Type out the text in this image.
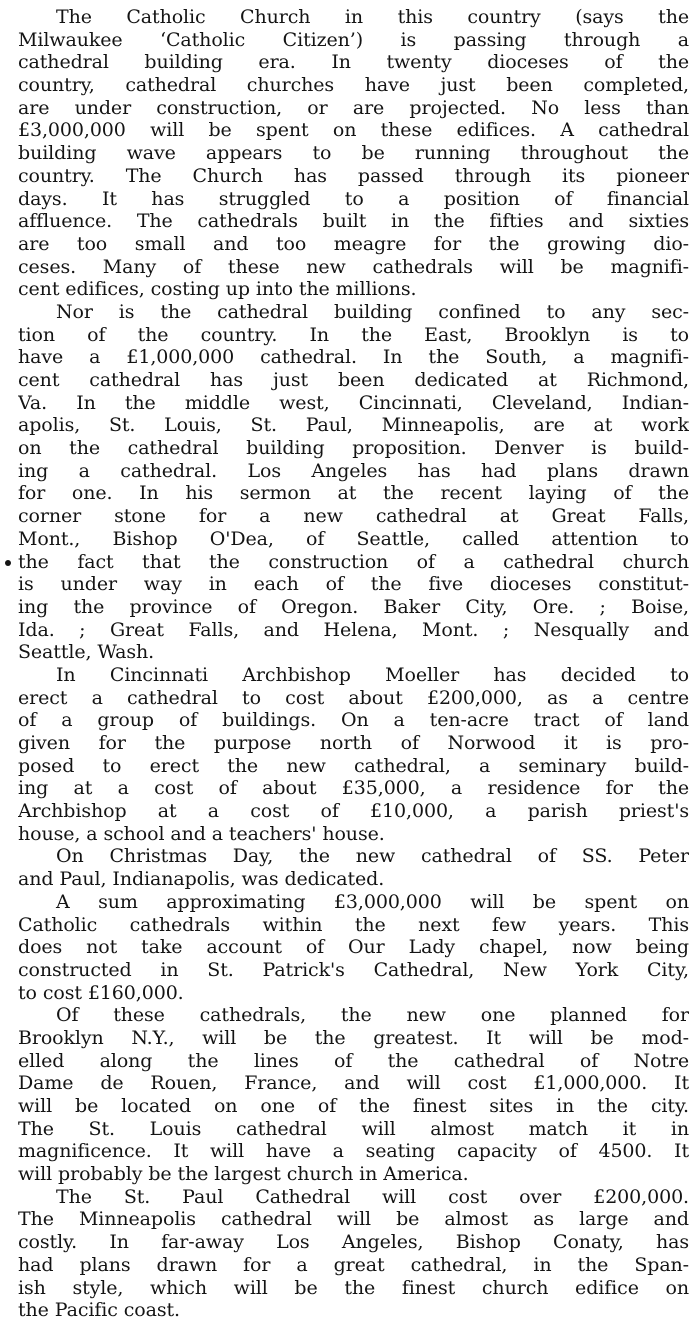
The Catholic Church in this country (says the
Milwaukee ‘Catholic Citizen’) is passing through a
cathedral building era. In twenty dioceses of the
country, cathedral churches have just been completed,
are under construction, or are projected. No less than
£3,000,000 will be spent on these edifices. A cathedral
building wave appears to be running throughout the
country. The Church has passed through its pioneer
days. It has struggled to a position of financial
affluence. The cathedrals built in the fifties and sixties
are too small and too meagre for the growing dio-
ceses. Many of these new cathedrals will be magnifi-
cent edifices, costing up into the millions.

Nor is the cathedral building confined to any sec-
tion of the country. In the East, Brooklyn is to
have a £1,000,000 cathedral. In the South, a magnifi-
cent cathedral has just been dedicated at Richmond,
Va. In the middle west, Cincinnati, Cleveland, Indian-
apolis, St. Louis, St. Paul, Minneapolis, are at work
on the cathedral building proposition. Denver is build-
ing a cathedral. Los Angeles has had plans drawn
for one. In his sermon at the recent laying of the
corner stone for a new cathedral at Great Falls,
Mont., Bishop O'Dea, of Seattle, called attention to
the fact that the construction of a cathedral church
is under way in each of the five dioceses constitut-
ing the province of Oregon. Baker City, Ore. ; Boise,
Ida. ; Great Falls, and Helena, Mont. ; Nesqually and
Seattle, Wash.

In Cincinnati Archbishop Moeller has decided to
erect a cathedral to cost about £200,000, as a centre
of a group of buildings. On a ten-acre tract of land
given for the purpose north of Norwood it is pro-
posed to erect the new cathedral, a seminary build-
ing at a cost of about £35,000, a residence for the
Archbishop at a cost of £10,000, a parish priest's
house, a school and a teachers' house.

On Christmas Day, the new cathedral of SS. Peter
and Paul, Indianapolis, was dedicated.

A sum approximating £3,000,000 will be spent on
Catholic cathedrals within the next few years. This
does not take account of Our Lady chapel, now being
constructed in St. Patrick's Cathedral, New York City,
to cost £160,000.

Of these cathedrals, the new one planned for
Brooklyn N.Y., will be the greatest. It will be mod-
elled along the lines of the cathedral of Notre
Dame de Rouen, France, and will cost £1,000,000. It
will be located on one of the finest sites in the city.
The St. Louis cathedral will almost match it in
magnificence. It will have a seating capacity of 4500. It
will probably be the largest church in America.

The St. Paul Cathedral will cost over £200,000.
The Minneapolis cathedral will be almost as large and
costly. In far-away Los Angeles, Bishop Conaty, has
had plans drawn for a great cathedral, in the Span-
ish style, which will be the finest church edifice on
the Pacific coast.
